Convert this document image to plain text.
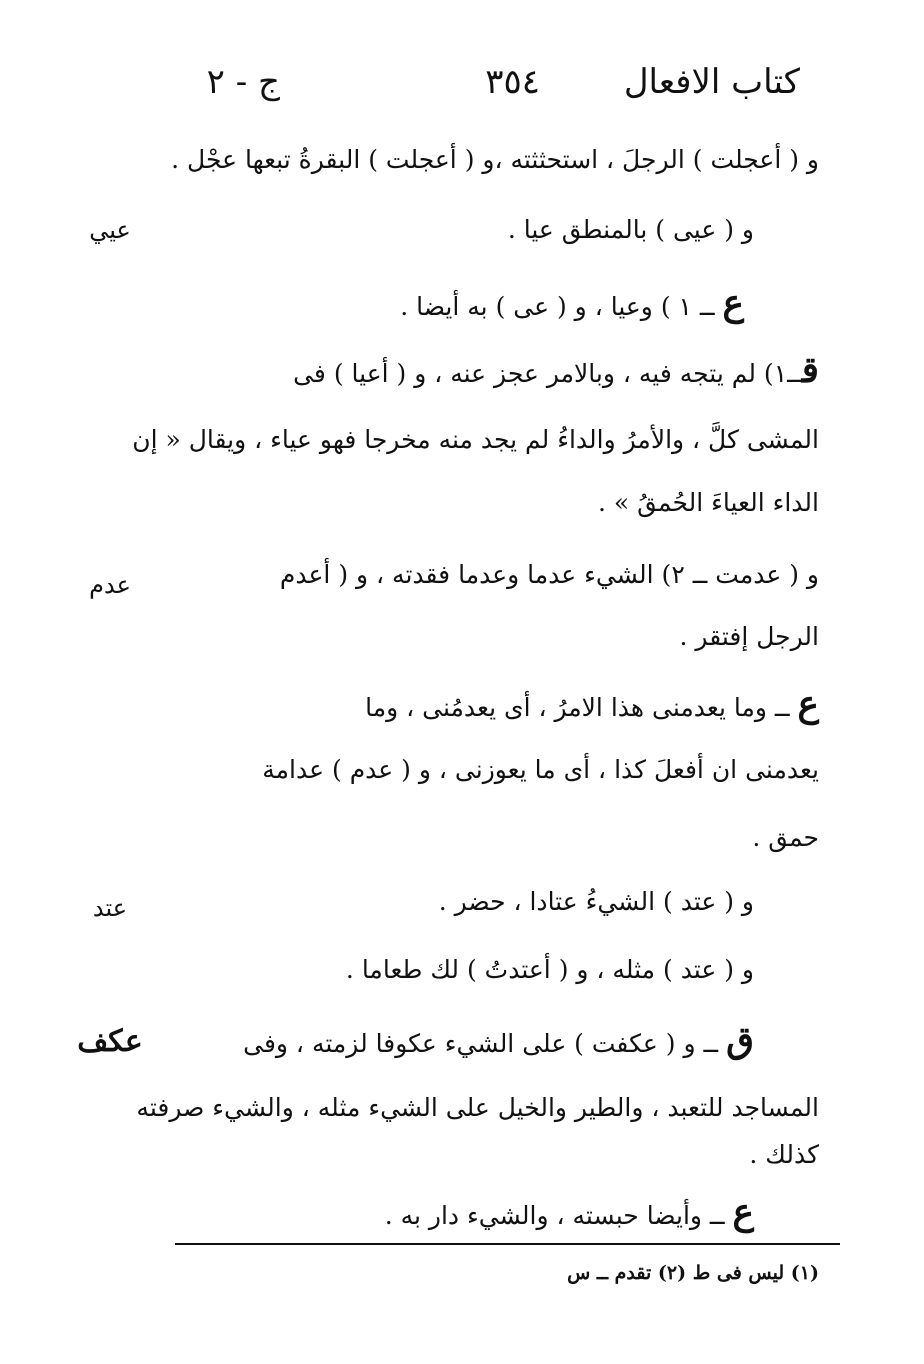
كتاب الافعال
٣٥٤
ج - ٢
عيي
عدم
عتد
عكف
و ( أعجلت ) الرجلَ ، استحثثته ،و ( أعجلت ) البقرةُ تبعها عجْل .
و ( عيى ) بالمنطق عيا .
ع ــ ١ ) وعيا ، و ( عى ) به أيضا .
قــ١) لم يتجه فيه ، وبالامر عجز عنه ، و ( أعيا ) فى
المشى كلَّ ، والأمرُ والداءُ لم يجد منه مخرجا فهو عياء ، ويقال « إن
الداء العياءَ الحُمقُ » .
و ( عدمت ــ ٢) الشيء عدما وعدما فقدته ، و ( أعدم
الرجل إفتقر .
ع ــ وما يعدمنى هذا الامرُ ، أى يعدمُنى ، وما
يعدمنى ان أفعلَ كذا ، أى ما يعوزنى ، و ( عدم ) عدامة
حمق .
و ( عتد ) الشيءُ عتادا ، حضر .
و ( عتد ) مثله ، و ( أعتدتُ ) لك طعاما .
ق ــ و ( عكفت ) على الشيء عكوفا لزمته ، وفى
المساجد للتعبد ، والطير والخيل على الشيء مثله ، والشيء صرفته
كذلك .
ع ــ وأيضا حبسته ، والشيء دار به .
(١) ليس فى ط (٢) تقدم ــ س
